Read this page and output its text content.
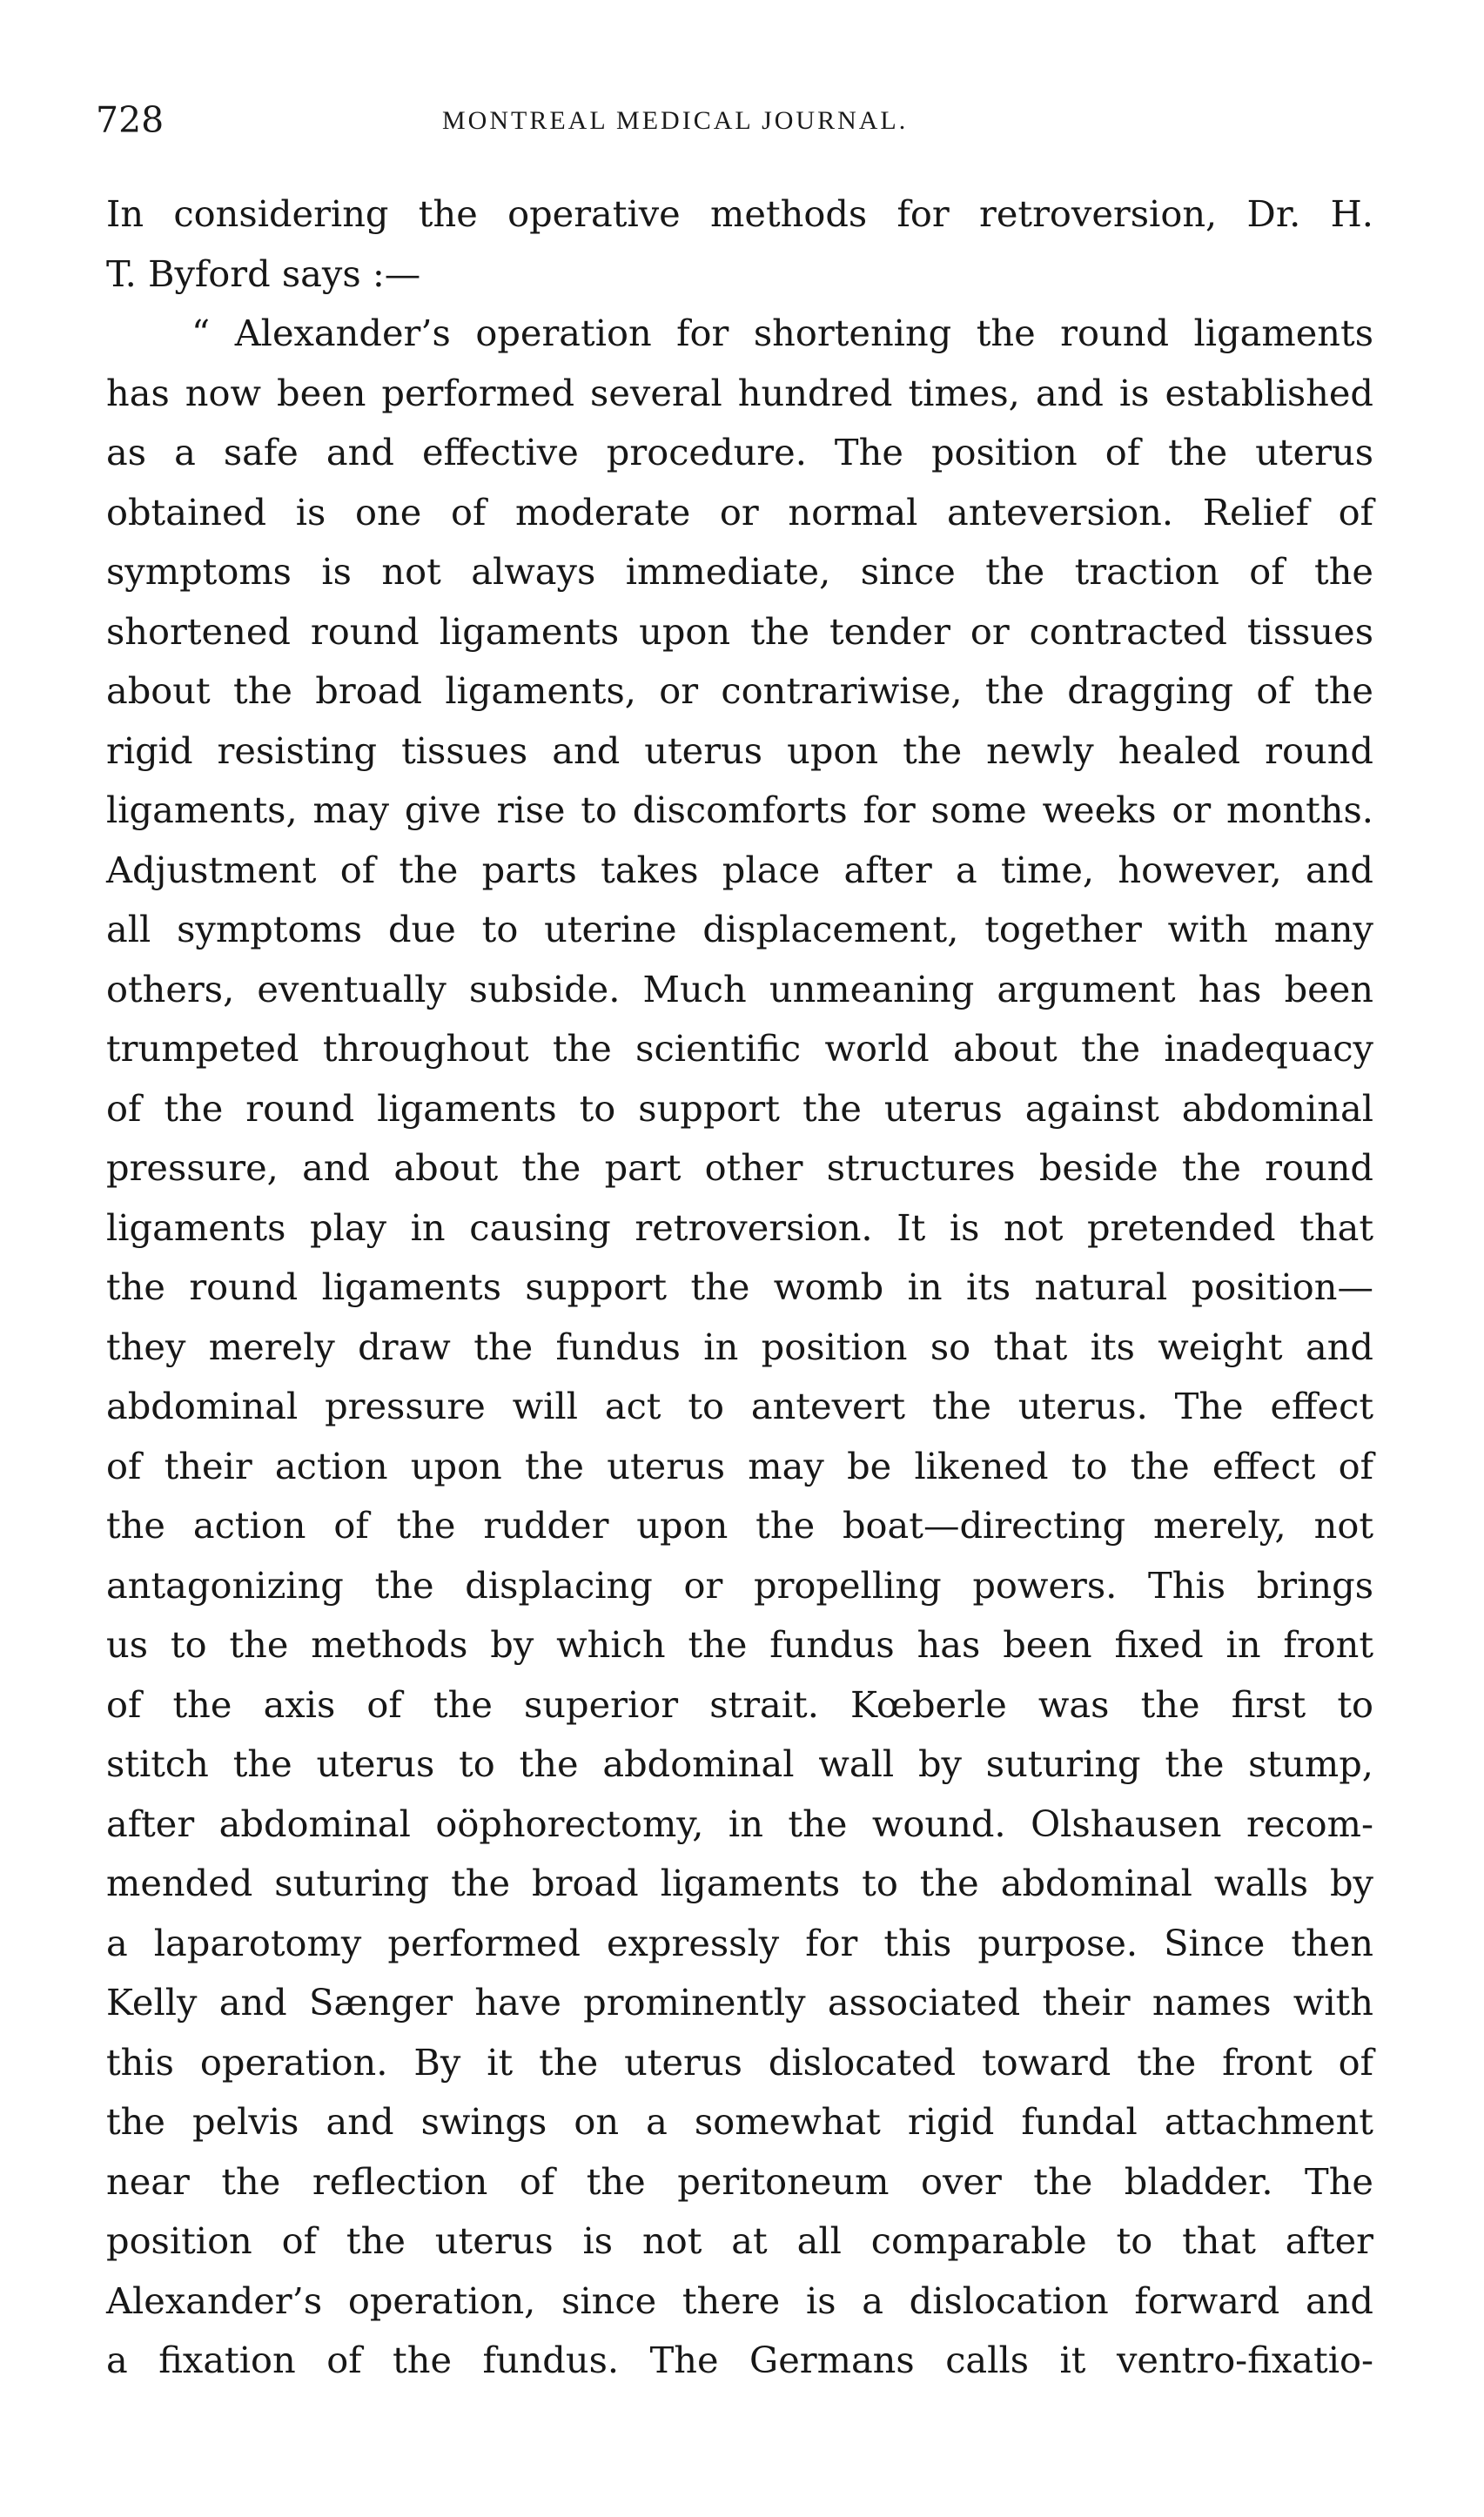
728	MONTREAL MEDICAL JOURNAL.
In considering the operative methods for retroversion, Dr. H.
T. Byford says :—
“ Alexander’s operation for shortening the round ligaments
has now been performed several hundred times, and is established
as a safe and effective procedure. The position of the uterus
obtained is one of moderate or normal anteversion. Relief of
symptoms is not always immediate, since the traction of the
shortened round ligaments upon the tender or contracted tissues
about the broad ligaments, or contrariwise, the dragging of the
rigid resisting tissues and uterus upon the newly healed round
ligaments, may give rise to discomforts for some weeks or months.
Adjustment of the parts takes place after a time, however, and
all symptoms due to uterine displacement, together with many
others, eventually subside. Much unmeaning argument has been
trumpeted throughout the scientific world about the inadequacy
of the round ligaments to support the uterus against abdominal
pressure, and about the part other structures beside the round
ligaments play in causing retroversion. It is not pretended that
the round ligaments support the womb in its natural position—
they merely draw the fundus in position so that its weight and
abdominal pressure will act to antevert the uterus. The effect
of their action upon the uterus may be likened to the effect of
the action of the rudder upon the boat—directing merely, not
antagonizing the displacing or propelling powers. This brings
us to the methods by which the fundus has been fixed in front
of the axis of the superior strait. Kœberle was the first to
stitch the uterus to the abdominal wall by suturing the stump,
after abdominal oöphorectomy, in the wound. Olshausen recom-
mended suturing the broad ligaments to the abdominal walls by
a laparotomy performed expressly for this purpose. Since then
Kelly and Sænger have prominently associated their names with
this operation. By it the uterus dislocated toward the front of
the pelvis and swings on a somewhat rigid fundal attachment
near the reflection of the peritoneum over the bladder. The
position of the uterus is not at all comparable to that after
Alexander’s operation, since there is a dislocation forward and
a fixation of the fundus. The Germans calls it ventro-fixatio-
